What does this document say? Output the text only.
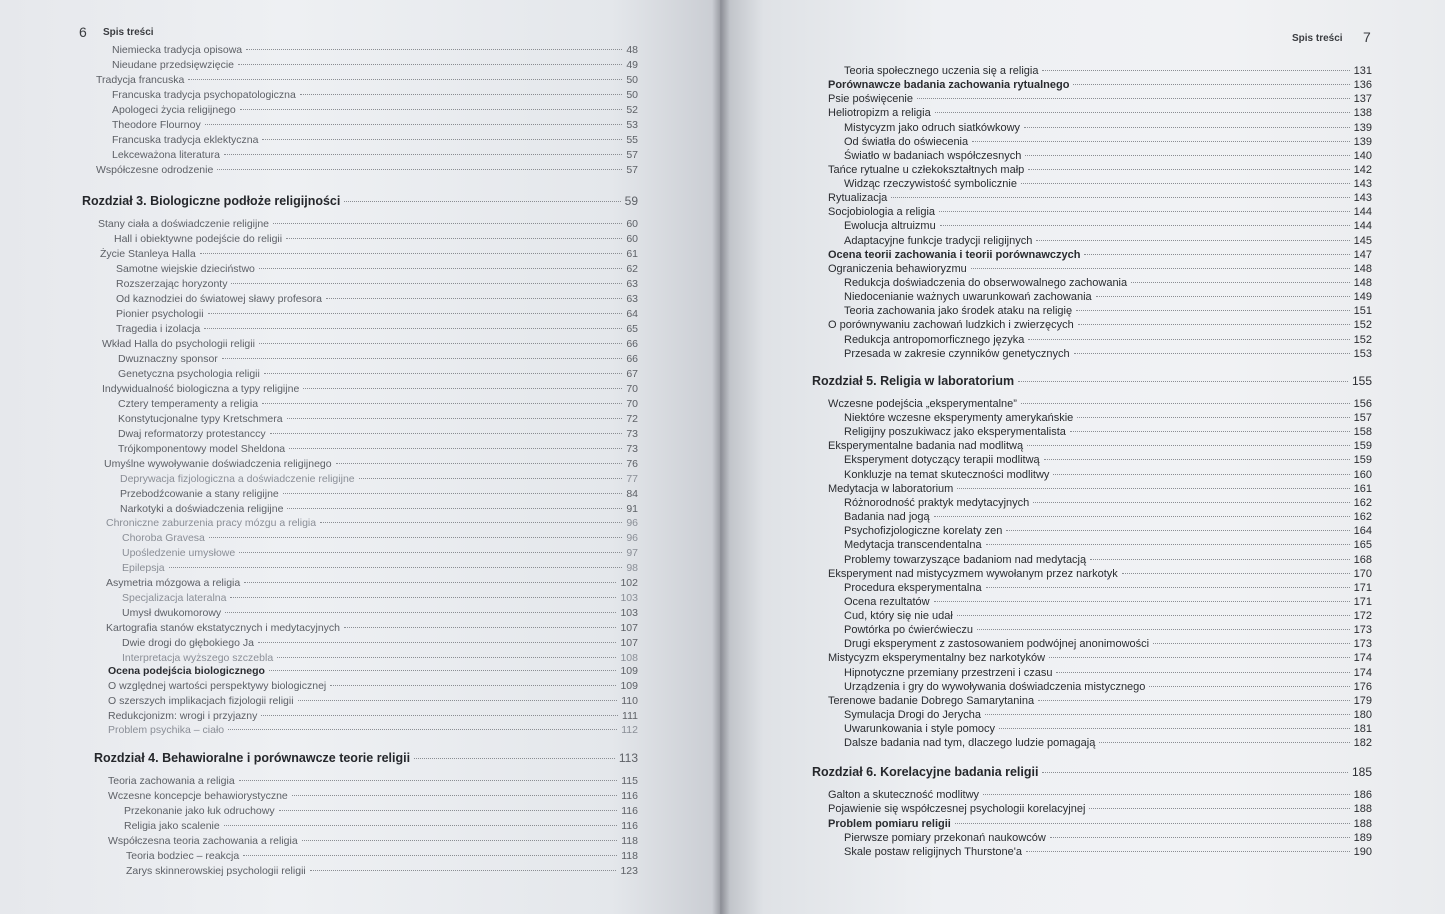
6 Spis treści
Niemiecka tradycja opisowa	48
Nieudane przedsięwzięcie	49
Tradycja francuska	50
Francuska tradycja psychopatologiczna	50
Apologeci życia religijnego	52
Theodore Flournoy	53
Francuska tradycja eklektyczna	55
Lekceważona literatura	57
Współczesne odrodzenie	57
Rozdział 3. Biologiczne podłoże religijności	59
Stany ciała a doświadczenie religijne	60
Hall i obiektywne podejście do religii	60
Życie Stanleya Halla	61
Samotne wiejskie dzieciństwo	62
Rozszerzając horyzonty	63
Od kaznodziei do światowej sławy profesora	63
Pionier psychologii	64
Tragedia i izolacja	65
Wkład Halla do psychologii religii	66
Dwuznaczny sponsor	66
Genetyczna psychologia religii	67
Indywidualność biologiczna a typy religijne	70
Cztery temperamenty a religia	70
Konstytucjonalne typy Kretschmera	72
Dwaj reformatorzy protestanccy	73
Trójkomponentowy model Sheldona	73
Umyślne wywoływanie doświadczenia religijnego	76
Deprywacja fizjologiczna a doświadczenie religijne	77
Przebodźcowanie a stany religijne	84
Narkotyki a doświadczenia religijne	91
Chroniczne zaburzenia pracy mózgu a religia	96
Choroba Gravesa	96
Upośledzenie umysłowe	97
Epilepsja	98
Asymetria mózgowa a religia	102
Specjalizacja lateralna	103
Umysł dwukomorowy	103
Kartografia stanów ekstatycznych i medytacyjnych	107
Dwie drogi do głębokiego Ja	107
Interpretacja wyższego szczebla	108
Ocena podejścia biologicznego	109
O względnej wartości perspektywy biologicznej	109
O szerszych implikacjach fizjologii religii	110
Redukcjonizm: wrogi i przyjazny	111
Problem psychika – ciało	112
Rozdział 4. Behawioralne i porównawcze teorie religii	113
Teoria zachowania a religia	115
Wczesne koncepcje behawiorystyczne	116
Przekonanie jako łuk odruchowy	116
Religia jako scalenie	116
Współczesna teoria zachowania a religia	118
Teoria bodziec – reakcja	118
Zarys skinnerowskiej psychologii religii	123
Spis treści 7
Teoria społecznego uczenia się a religia	131
Porównawcze badania zachowania rytualnego	136
Psie poświęcenie	137
Heliotropizm a religia	138
Mistycyzm jako odruch siatkówkowy	139
Od światła do oświecenia	139
Światło w badaniach współczesnych	140
Tańce rytualne u człekokształtnych małp	142
Widząc rzeczywistość symbolicznie	143
Rytualizacja	143
Socjobiologia a religia	144
Ewolucja altruizmu	144
Adaptacyjne funkcje tradycji religijnych	145
Ocena teorii zachowania i teorii porównawczych	147
Ograniczenia behawioryzmu	148
Redukcja doświadczenia do obserwowalnego zachowania	148
Niedocenianie ważnych uwarunkowań zachowania	149
Teoria zachowania jako środek ataku na religię	151
O porównywaniu zachowań ludzkich i zwierzęcych	152
Redukcja antropomorficznego języka	152
Przesada w zakresie czynników genetycznych	153
Rozdział 5. Religia w laboratorium	155
Wczesne podejścia „eksperymentalne”	156
Niektóre wczesne eksperymenty amerykańskie	157
Religijny poszukiwacz jako eksperymentalista	158
Eksperymentalne badania nad modlitwą	159
Eksperyment dotyczący terapii modlitwą	159
Konkluzje na temat skuteczności modlitwy	160
Medytacja w laboratorium	161
Różnorodność praktyk medytacyjnych	162
Badania nad jogą	162
Psychofizjologiczne korelaty zen	164
Medytacja transcendentalna	165
Problemy towarzyszące badaniom nad medytacją	168
Eksperyment nad mistycyzmem wywołanym przez narkotyk	170
Procedura eksperymentalna	171
Ocena rezultatów	171
Cud, który się nie udał	172
Powtórka po ćwierćwieczu	173
Drugi eksperyment z zastosowaniem podwójnej anonimowości	173
Mistycyzm eksperymentalny bez narkotyków	174
Hipnotyczne przemiany przestrzeni i czasu	174
Urządzenia i gry do wywoływania doświadczenia mistycznego	176
Terenowe badanie Dobrego Samarytanina	179
Symulacja Drogi do Jerycha	180
Uwarunkowania i style pomocy	181
Dalsze badania nad tym, dlaczego ludzie pomagają	182
Rozdział 6. Korelacyjne badania religii	185
Galton a skuteczność modlitwy	186
Pojawienie się współczesnej psychologii korelacyjnej	188
Problem pomiaru religii	188
Pierwsze pomiary przekonań naukowców	189
Skale postaw religijnych Thurstone'a	190
